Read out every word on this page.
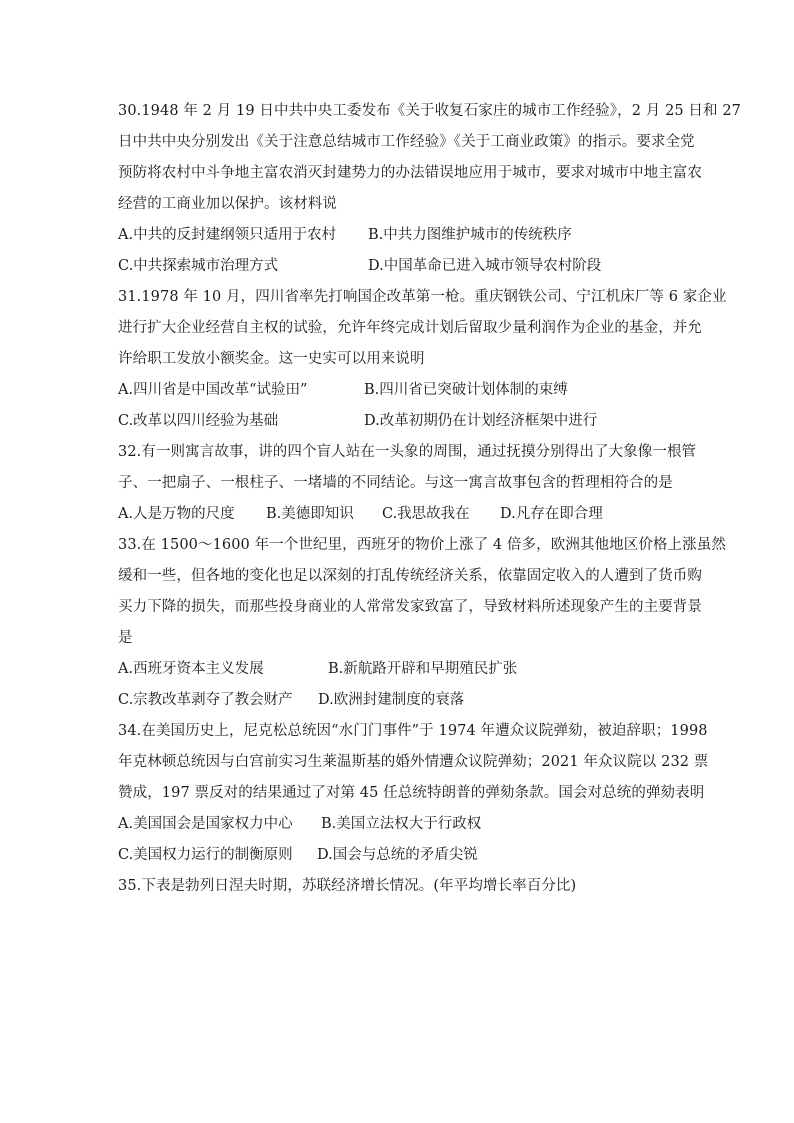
30.1948 年 2 月 19 日中共中央工委发布《关于收复石家庄的城市工作经验》，2 月 25 日和 27
日中共中央分别发出《关于注意总结城市工作经验》《关于工商业政策》的指示。要求全党
预防将农村中斗争地主富农消灭封建势力的办法错误地应用于城市，要求对城市中地主富农
经营的工商业加以保护。该材料说
A.中共的反封建纲领只适用于农村	B.中共力图维护城市的传统秩序
C.中共探索城市治理方式	D.中国革命已进入城市领导农村阶段
31.1978 年 10 月，四川省率先打响国企改革第一枪。重庆钢铁公司、宁江机床厂等 6 家企业
进行扩大企业经营自主权的试验，允许年终完成计划后留取少量利润作为企业的基金，并允
许给职工发放小额奖金。这一史实可以用来说明
A.四川省是中国改革“试验田”	B.四川省已突破计划体制的束缚
C.改革以四川经验为基础	D.改革初期仍在计划经济框架中进行
32.有一则寓言故事，讲的四个盲人站在一头象的周围，通过抚摸分别得出了大象像一根管
子、一把扇子、一根柱子、一堵墙的不同结论。与这一寓言故事包含的哲理相符合的是
A.人是万物的尺度	B.美德即知识	C.我思故我在	D.凡存在即合理
33.在 1500～1600 年一个世纪里，西班牙的物价上涨了 4 倍多，欧洲其他地区价格上涨虽然
缓和一些，但各地的变化也足以深刻的打乱传统经济关系，依靠固定收入的人遭到了货币购
买力下降的损失，而那些投身商业的人常常发家致富了，导致材料所述现象产生的主要背景
是
A.西班牙资本主义发展	B.新航路开辟和早期殖民扩张
C.宗教改革剥夺了教会财产	D.欧洲封建制度的衰落
34.在美国历史上，尼克松总统因“水门门事件”于 1974 年遭众议院弹劾，被迫辞职；1998
年克林顿总统因与白宫前实习生莱温斯基的婚外情遭众议院弹劾；2021 年众议院以 232 票
赞成，197 票反对的结果通过了对第 45 任总统特朗普的弹劾条款。国会对总统的弹劾表明
A.美国国会是国家权力中心	B.美国立法权大于行政权
C.美国权力运行的制衡原则	D.国会与总统的矛盾尖锐
35.下表是勃列日涅夫时期，苏联经济增长情况。(年平均增长率百分比)
